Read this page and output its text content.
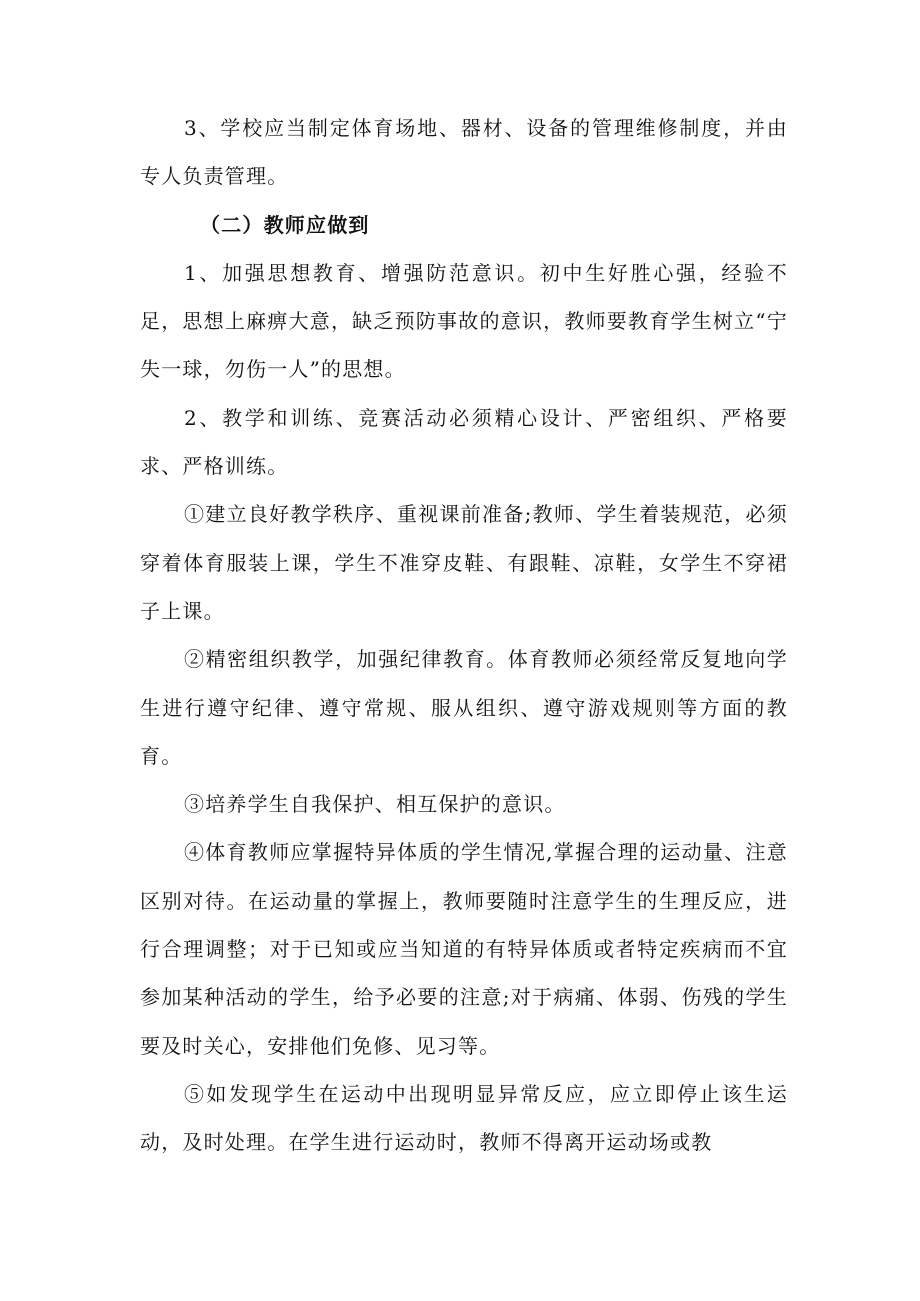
3、学校应当制定体育场地、器材、设备的管理维修制度，并由专人负责管理。

（二）教师应做到

1、加强思想教育、增强防范意识。初中生好胜心强，经验不足，思想上麻痹大意，缺乏预防事故的意识，教师要教育学生树立“宁失一球，勿伤一人”的思想。

2、教学和训练、竞赛活动必须精心设计、严密组织、严格要求、严格训练。

①建立良好教学秩序、重视课前准备;教师、学生着装规范，必须穿着体育服装上课，学生不准穿皮鞋、有跟鞋、凉鞋，女学生不穿裙子上课。

②精密组织教学，加强纪律教育。体育教师必须经常反复地向学生进行遵守纪律、遵守常规、服从组织、遵守游戏规则等方面的教育。

③培养学生自我保护、相互保护的意识。

④体育教师应掌握特异体质的学生情况,掌握合理的运动量、注意区别对待。在运动量的掌握上，教师要随时注意学生的生理反应，进行合理调整；对于已知或应当知道的有特异体质或者特定疾病而不宜参加某种活动的学生，给予必要的注意;对于病痛、体弱、伤残的学生要及时关心，安排他们免修、见习等。

⑤如发现学生在运动中出现明显异常反应，应立即停止该生运动，及时处理。在学生进行运动时，教师不得离开运动场或教
